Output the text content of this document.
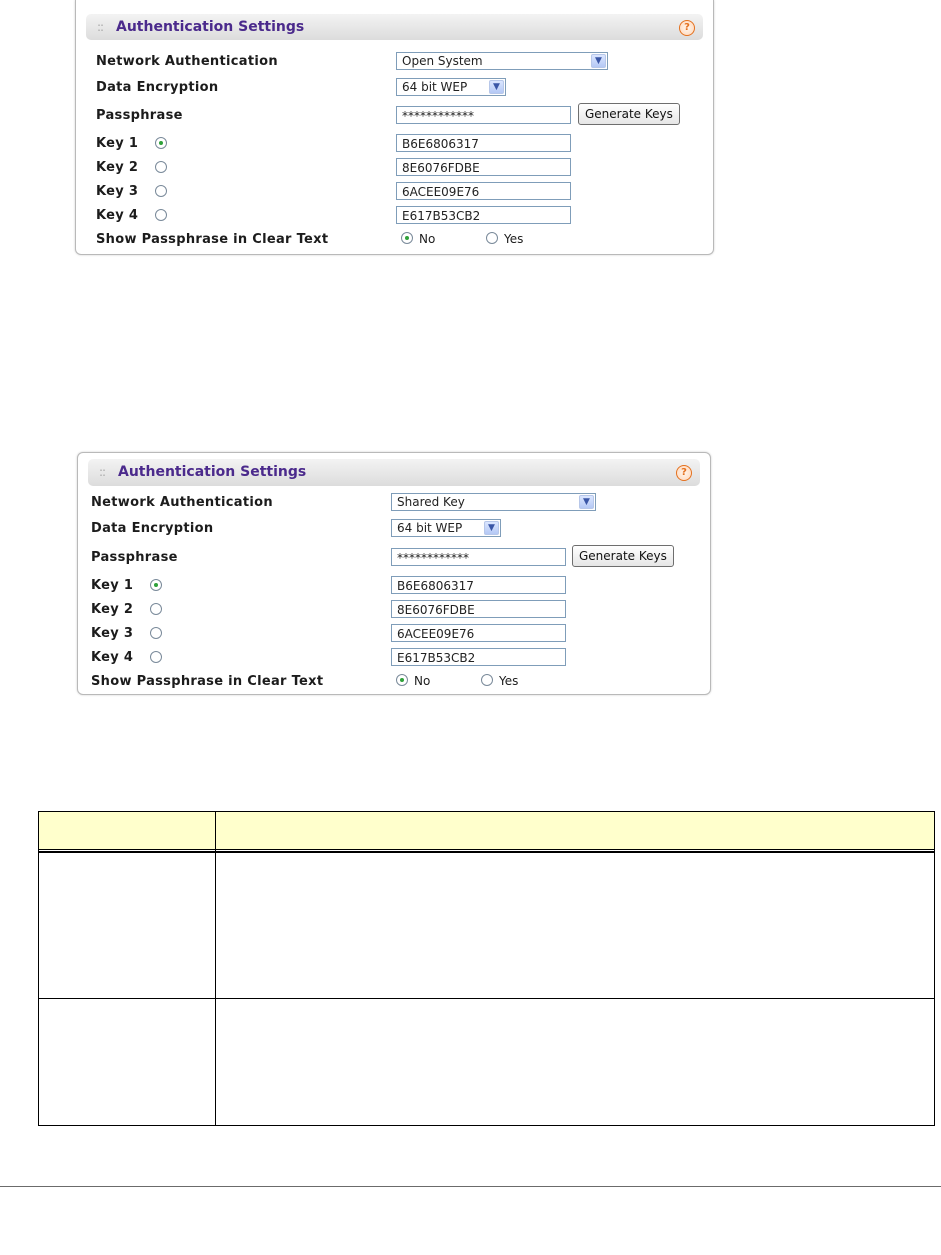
:: Authentication Settings	?
Network Authentication	Open System	▼
Data Encryption	64 bit WEP	▼
Passphrase	************	Generate Keys
Key 1	B6E6806317
Key 2	8E6076FDBE
Key 3	6ACEE09E76
Key 4	E617B53CB2
Show Passphrase in Clear Text	No	Yes
:: Authentication Settings	?
Network Authentication	Shared Key	▼
Data Encryption	64 bit WEP	▼
Passphrase	************	Generate Keys
Key 1	B6E6806317
Key 2	8E6076FDBE
Key 3	6ACEE09E76
Key 4	E617B53CB2
Show Passphrase in Clear Text	No	Yes
